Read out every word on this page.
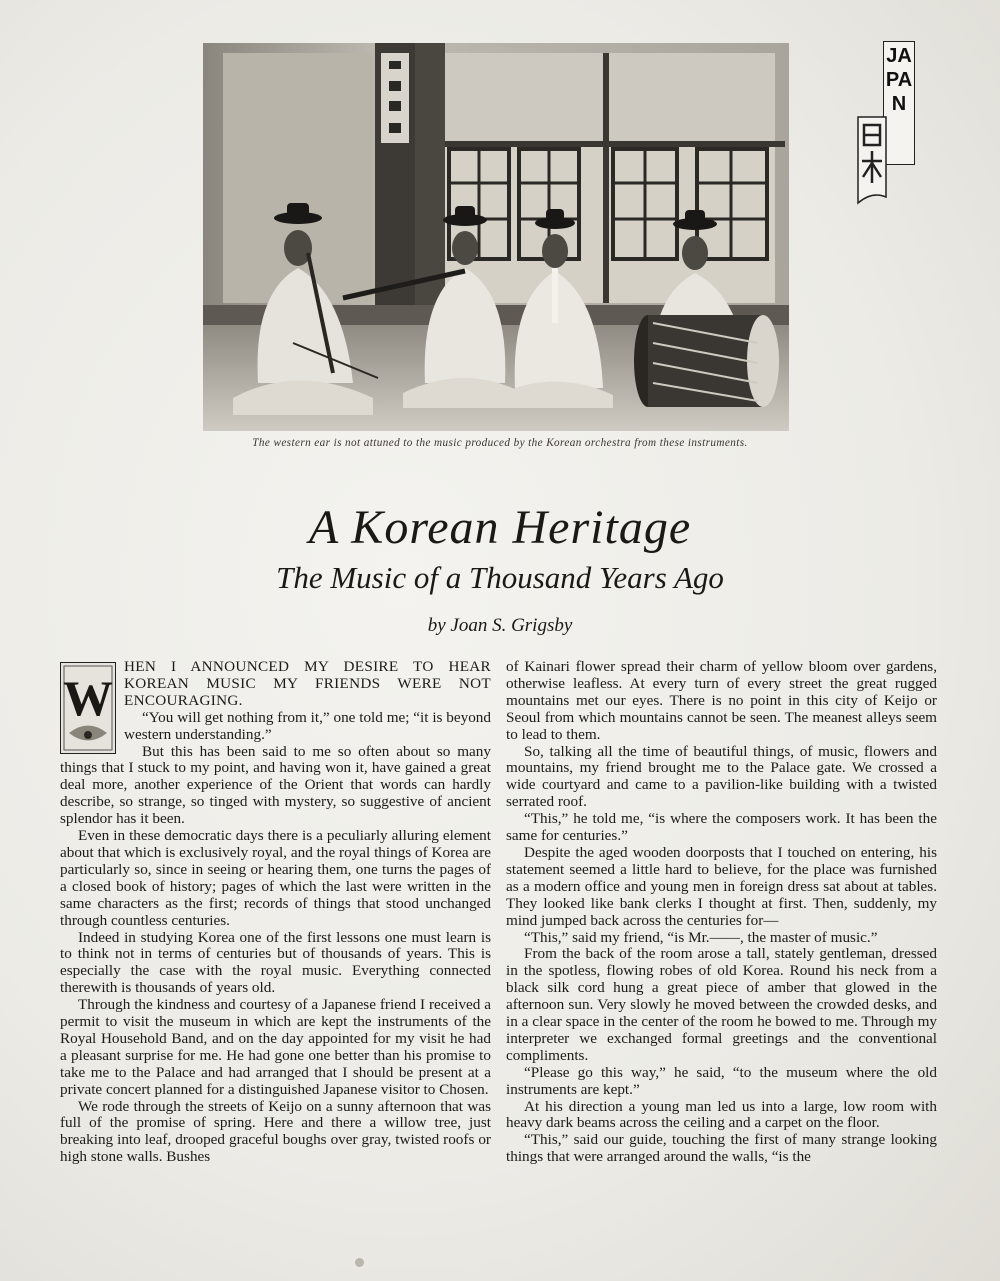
The western ear is not attuned to the music produced by the Korean orchestra from these instruments.
JAPAN
A Korean Heritage
The Music of a Thousand Years Ago
by Joan S. Grigsby
W

HEN I ANNOUNCED MY DESIRE TO HEAR KOREAN MUSIC MY FRIENDS WERE NOT ENCOURAGING.

“You will get nothing from it,” one told me; “it is beyond western understanding.”

But this has been said to me so often about so many things that I stuck to my point, and having won it, have gained a great deal more, another experience of the Orient that words can hardly describe, so strange, so tinged with mystery, so suggestive of ancient splendor has it been.

Even in these democratic days there is a peculiarly alluring element about that which is exclusively royal, and the royal things of Korea are particularly so, since in seeing or hearing them, one turns the pages of a closed book of history; pages of which the last were written in the same characters as the first; records of things that stood unchanged through countless centuries.

Indeed in studying Korea one of the first lessons one must learn is to think not in terms of centuries but of thousands of years. This is especially the case with the royal music. Everything connected therewith is thousands of years old.

Through the kindness and courtesy of a Japanese friend I received a permit to visit the museum in which are kept the instruments of the Royal Household Band, and on the day appointed for my visit he had a pleasant surprise for me. He had gone one better than his promise to take me to the Palace and had arranged that I should be present at a private concert planned for a distinguished Japanese visitor to Chosen.

We rode through the streets of Keijo on a sunny afternoon that was full of the promise of spring. Here and there a willow tree, just breaking into leaf, drooped graceful boughs over gray, twisted roofs or high stone walls. Bushes

of Kainari flower spread their charm of yellow bloom over gardens, otherwise leafless. At every turn of every street the great rugged mountains met our eyes. There is no point in this city of Keijo or Seoul from which mountains cannot be seen. The meanest alleys seem to lead to them.

So, talking all the time of beautiful things, of music, flowers and mountains, my friend brought me to the Palace gate. We crossed a wide courtyard and came to a pavilion-like building with a twisted serrated roof.

“This,” he told me, “is where the composers work. It has been the same for centuries.”

Despite the aged wooden doorposts that I touched on entering, his statement seemed a little hard to believe, for the place was furnished as a modern office and young men in foreign dress sat about at tables. They looked like bank clerks I thought at first. Then, suddenly, my mind jumped back across the centuries for—

“This,” said my friend, “is Mr.——, the master of music.”

From the back of the room arose a tall, stately gentleman, dressed in the spotless, flowing robes of old Korea. Round his neck from a black silk cord hung a great piece of amber that glowed in the afternoon sun. Very slowly he moved between the crowded desks, and in a clear space in the center of the room he bowed to me. Through my interpreter we exchanged formal greetings and the conventional compliments.

“Please go this way,” he said, “to the museum where the old instruments are kept.”

At his direction a young man led us into a large, low room with heavy dark beams across the ceiling and a carpet on the floor.

“This,” said our guide, touching the first of many strange looking things that were arranged around the walls, “is the
